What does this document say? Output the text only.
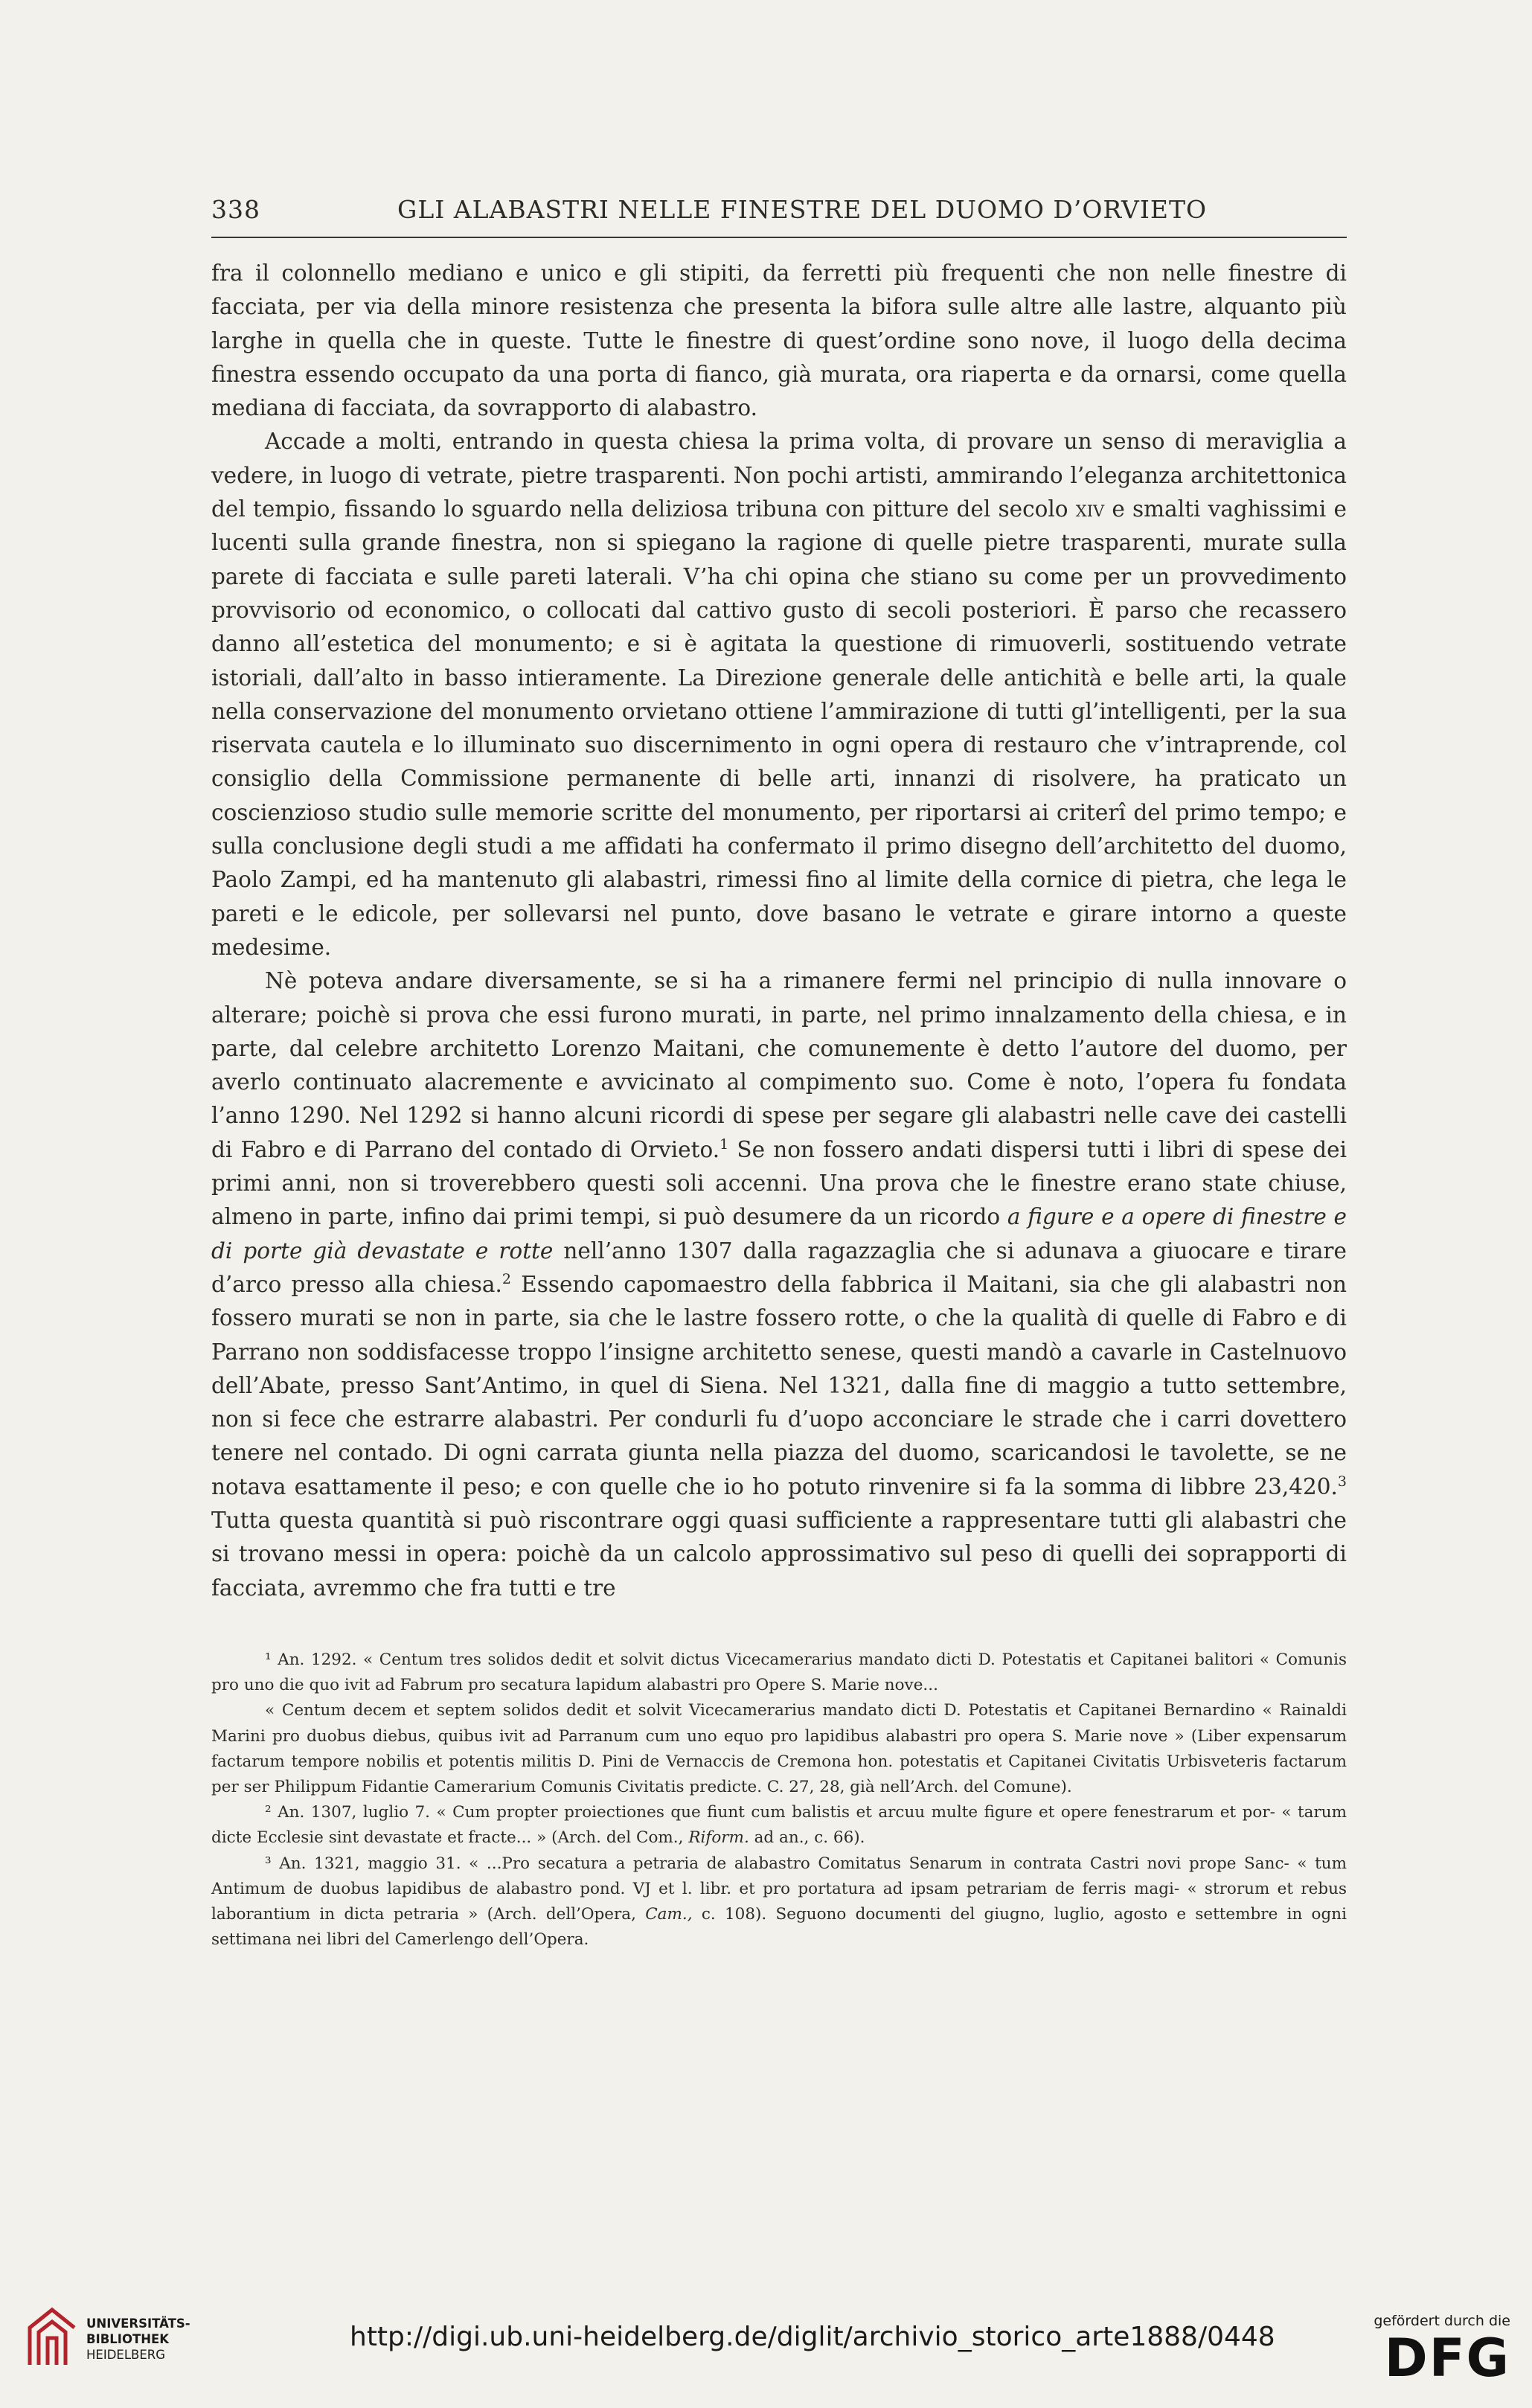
338	GLI ALABASTRI NELLE FINESTRE DEL DUOMO D’ORVIETO

fra il colonnello mediano e unico e gli stipiti, da ferretti più frequenti che non nelle finestre di facciata, per via della minore resistenza che presenta la bifora sulle altre alle lastre, alquanto più larghe in quella che in queste. Tutte le finestre di quest’ordine sono nove, il luogo della decima finestra essendo occupato da una porta di fianco, già murata, ora riaperta e da ornarsi, come quella mediana di facciata, da sovrapporto di alabastro.

Accade a molti, entrando in questa chiesa la prima volta, di provare un senso di meraviglia a vedere, in luogo di vetrate, pietre trasparenti. Non pochi artisti, ammirando l’eleganza architettonica del tempio, fissando lo sguardo nella deliziosa tribuna con pitture del secolo xiv e smalti vaghissimi e lucenti sulla grande finestra, non si spiegano la ragione di quelle pietre trasparenti, murate sulla parete di facciata e sulle pareti laterali. V’ha chi opina che stiano su come per un provvedimento provvisorio od economico, o collocati dal cattivo gusto di secoli posteriori. È parso che recassero danno all’estetica del monumento; e si è agitata la questione di rimuoverli, sostituendo vetrate istoriali, dall’alto in basso intieramente. La Direzione generale delle antichità e belle arti, la quale nella conservazione del monumento orvietano ottiene l’ammirazione di tutti gl’intelligenti, per la sua riservata cautela e lo illuminato suo discernimento in ogni opera di restauro che v’intraprende, col consiglio della Commissione permanente di belle arti, innanzi di risolvere, ha praticato un coscienzioso studio sulle memorie scritte del monumento, per riportarsi ai criterî del primo tempo; e sulla conclusione degli studi a me affidati ha confermato il primo disegno dell’architetto del duomo, Paolo Zampi, ed ha mantenuto gli alabastri, rimessi fino al limite della cornice di pietra, che lega le pareti e le edicole, per sollevarsi nel punto, dove basano le vetrate e girare intorno a queste medesime.

Nè poteva andare diversamente, se si ha a rimanere fermi nel principio di nulla innovare o alterare; poichè si prova che essi furono murati, in parte, nel primo innalzamento della chiesa, e in parte, dal celebre architetto Lorenzo Maitani, che comunemente è detto l’autore del duomo, per averlo continuato alacremente e avvicinato al compimento suo. Come è noto, l’opera fu fondata l’anno 1290. Nel 1292 si hanno alcuni ricordi di spese per segare gli alabastri nelle cave dei castelli di Fabro e di Parrano del contado di Orvieto.$^1$ Se non fossero andati dispersi tutti i libri di spese dei primi anni, non si troverebbero questi soli accenni. Una prova che le finestre erano state chiuse, almeno in parte, infino dai primi tempi, si può desumere da un ricordo a figure e a opere di finestre e di porte già devastate e rotte nell’anno 1307 dalla ragazzaglia che si adunava a giuocare e tirare d’arco presso alla chiesa.$^2$ Essendo capomaestro della fabbrica il Maitani, sia che gli alabastri non fossero murati se non in parte, sia che le lastre fossero rotte, o che la qualità di quelle di Fabro e di Parrano non soddisfacesse troppo l’insigne architetto senese, questi mandò a cavarle in Castelnuovo dell’Abate, presso Sant’Antimo, in quel di Siena. Nel 1321, dalla fine di maggio a tutto settembre, non si fece che estrarre alabastri. Per condurli fu d’uopo acconciare le strade che i carri dovettero tenere nel contado. Di ogni carrata giunta nella piazza del duomo, scaricandosi le tavolette, se ne notava esattamente il peso; e con quelle che io ho potuto rinvenire si fa la somma di libbre 23,420.$^3$ Tutta questa quantità si può riscontrare oggi quasi sufficiente a rappresentare tutti gli alabastri che si trovano messi in opera: poichè da un calcolo approssimativo sul peso di quelli dei soprapporti di facciata, avremmo che fra tutti e tre

¹ An. 1292. « Centum tres solidos dedit et solvit dictus Vicecamerarius mandato dicti D. Potestatis et Capitanei balitori « Comunis pro uno die quo ivit ad Fabrum pro secatura lapidum alabastri pro Opere S. Marie nove...

« Centum decem et septem solidos dedit et solvit Vicecamerarius mandato dicti D. Potestatis et Capitanei Bernardino « Rainaldi Marini pro duobus diebus, quibus ivit ad Parranum cum uno equo pro lapidibus alabastri pro opera S. Marie nove » (Liber expensarum factarum tempore nobilis et potentis militis D. Pini de Vernaccis de Cremona hon. potestatis et Capitanei Civitatis Urbisveteris factarum per ser Philippum Fidantie Camerarium Comunis Civitatis predicte. C. 27, 28, già nell’Arch. del Comune).

² An. 1307, luglio 7. « Cum propter proiectiones que fiunt cum balistis et arcuu multe figure et opere fenestrarum et por- « tarum dicte Ecclesie sint devastate et fracte... » (Arch. del Com., Riform. ad an., c. 66).

³ An. 1321, maggio 31. « ...Pro secatura a petraria de alabastro Comitatus Senarum in contrata Castri novi prope Sanc- « tum Antimum de duobus lapidibus de alabastro pond. VJ et l. libr. et pro portatura ad ipsam petrariam de ferris magi- « strorum et rebus laborantium in dicta petraria » (Arch. dell’Opera, Cam., c. 108). Seguono documenti del giugno, luglio, agosto e settembre in ogni settimana nei libri del Camerlengo dell’Opera.

UNIVERSITÄTS-
BIBLIOTHEK
HEIDELBERG
http://digi.ub.uni-heidelberg.de/diglit/archivio_storico_arte1888/0448
gefördert durch die
DFG
